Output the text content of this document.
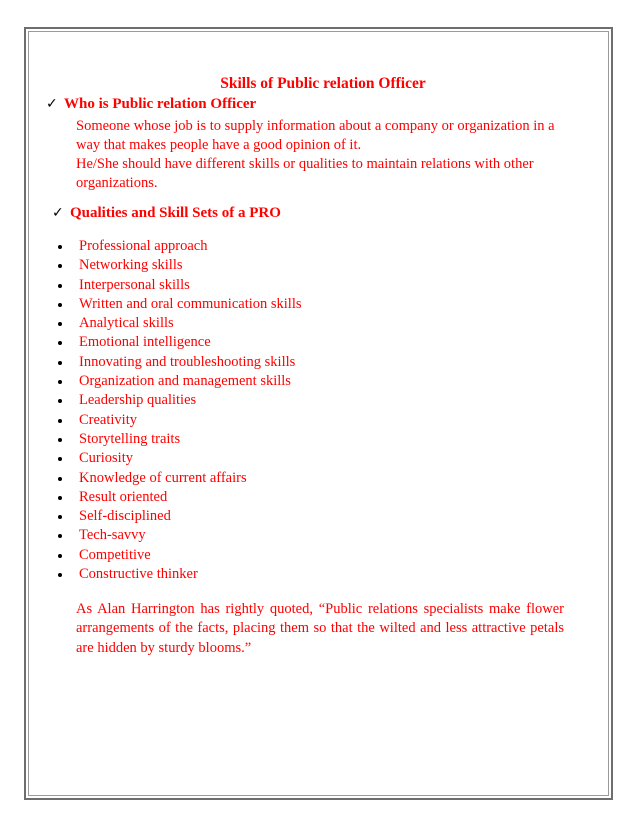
Skills of Public relation Officer
✓ Who is Public relation Officer
Someone whose job is to supply information about a company or organization in a
way that makes people have a good opinion of it.
He/She should have different skills or qualities to maintain relations with other
organizations.
✓ Qualities and Skill Sets of a PRO
Professional approach
Networking skills
Interpersonal skills
Written and oral communication skills
Analytical skills
Emotional intelligence
Innovating and troubleshooting skills
Organization and management skills
Leadership qualities
Creativity
Storytelling traits
Curiosity
Knowledge of current affairs
Result oriented
Self-disciplined
Tech-savvy
Competitive
Constructive thinker
As Alan Harrington has rightly quoted, “Public relations specialists make flower
arrangements of the facts, placing them so that the wilted and less attractive petals
are hidden by sturdy blooms.”
